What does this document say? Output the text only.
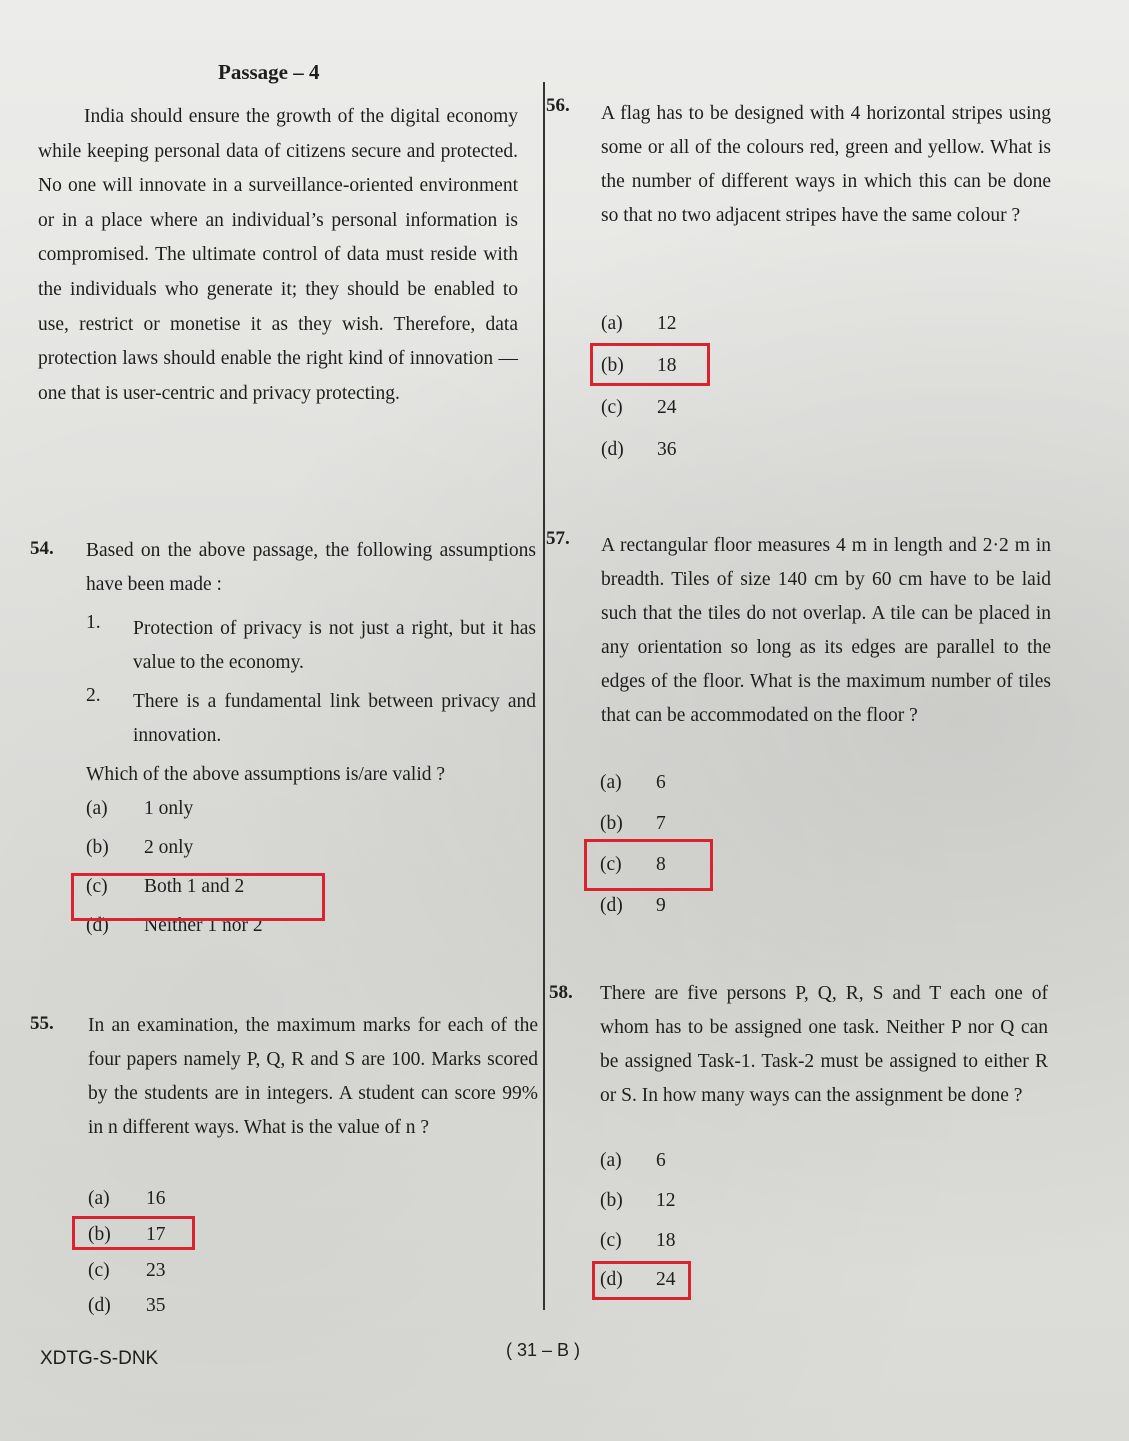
Passage – 4
India should ensure the growth of the digital economy while keeping personal data of citizens secure and protected. No one will innovate in a surveillance-oriented environment or in a place where an individual’s personal information is compromised. The ultimate control of data must reside with the individuals who generate it; they should be enabled to use, restrict or monetise it as they wish. Therefore, data protection laws should enable the right kind of innovation — one that is user-centric and privacy protecting.
54. Based on the above passage, the following assumptions have been made :
1. Protection of privacy is not just a right, but it has value to the economy.
2. There is a fundamental link between privacy and innovation.
Which of the above assumptions is/are valid ?
(a) 1 only
(b) 2 only
(c) Both 1 and 2
(d) Neither 1 nor 2
55. In an examination, the maximum marks for each of the four papers namely P, Q, R and S are 100. Marks scored by the students are in integers. A student can score 99% in n different ways. What is the value of n ?
(a) 16
(b) 17
(c) 23
(d) 35
56. A flag has to be designed with 4 horizontal stripes using some or all of the colours red, green and yellow. What is the number of different ways in which this can be done so that no two adjacent stripes have the same colour ?
(a) 12
(b) 18
(c) 24
(d) 36
57. A rectangular floor measures 4 m in length and 2·2 m in breadth. Tiles of size 140 cm by 60 cm have to be laid such that the tiles do not overlap. A tile can be placed in any orientation so long as its edges are parallel to the edges of the floor. What is the maximum number of tiles that can be accommodated on the floor ?
(a) 6
(b) 7
(c) 8
(d) 9
58. There are five persons P, Q, R, S and T each one of whom has to be assigned one task. Neither P nor Q can be assigned Task-1. Task-2 must be assigned to either R or S. In how many ways can the assignment be done ?
(a) 6
(b) 12
(c) 18
(d) 24
XDTG-S-DNK	( 31 – B )
